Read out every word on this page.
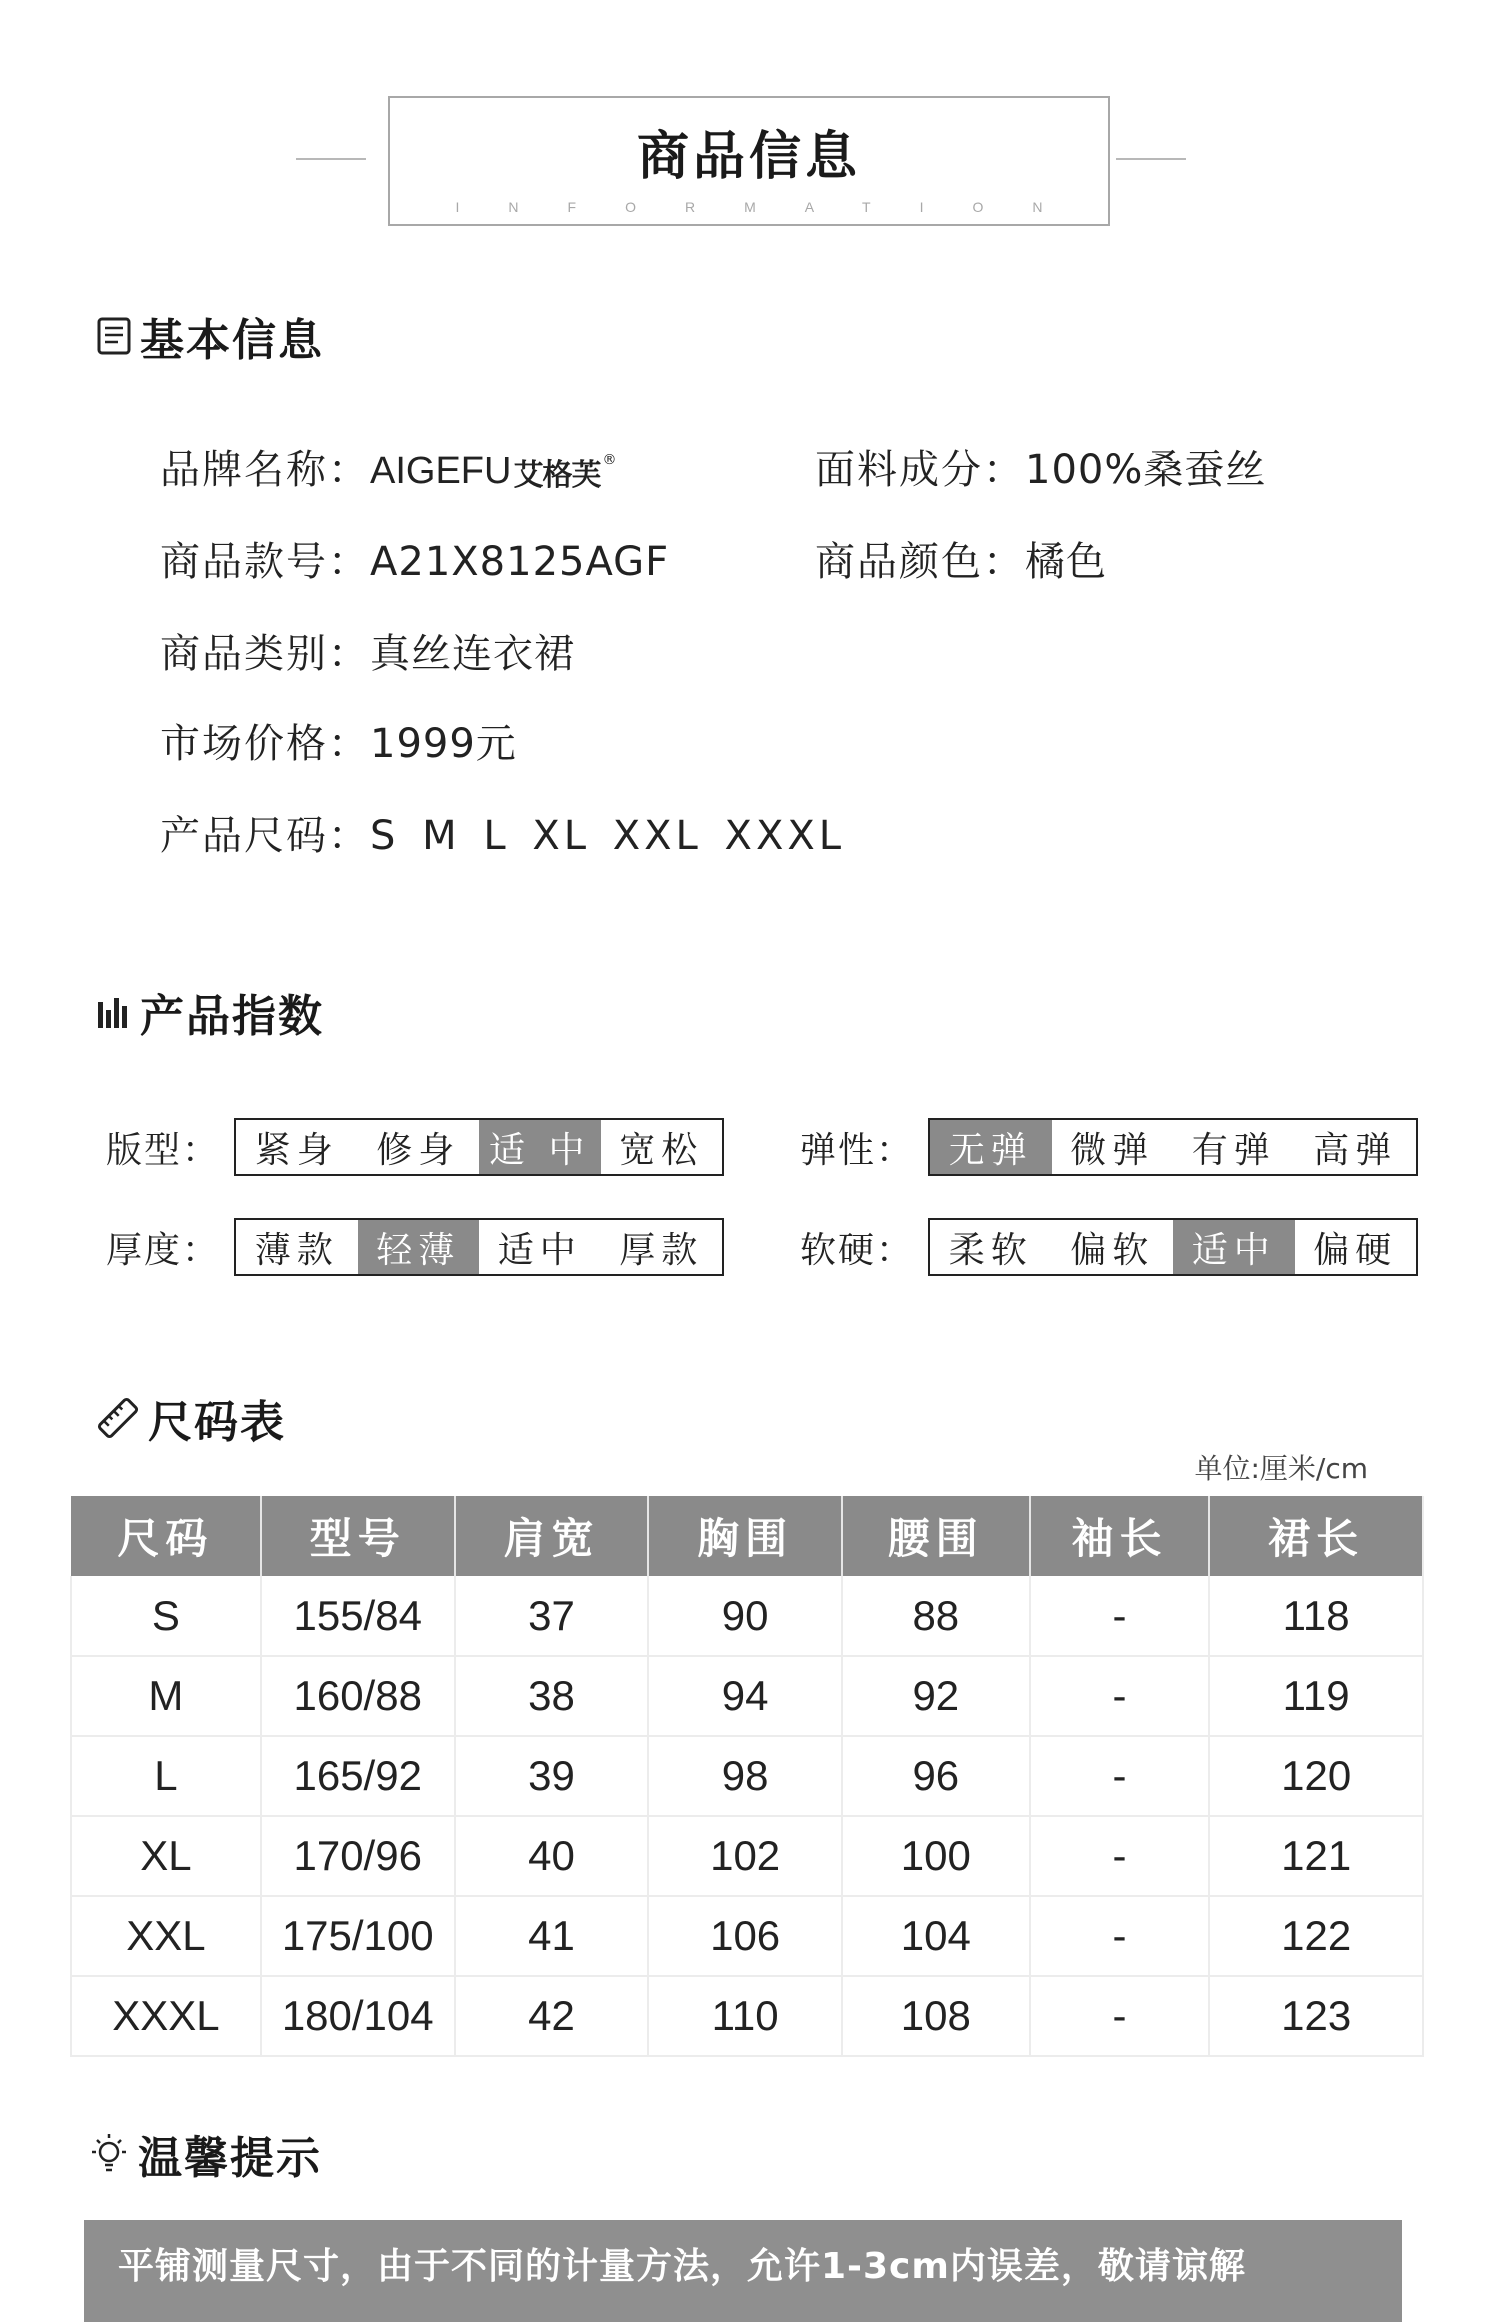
商品信息
INFORMATION
基本信息
品牌名称： AIGEFU 艾格芙 ®	面料成分：100%桑蚕丝
商品款号：A21X8125AGF	商品颜色：橘色
商品类别：真丝连衣裙
市场价格：1999元
产品尺码：S M L XL XXL XXXL
产品指数
版型： 紧身	修身 适 中 宽松	弹性： 无弹	微弹	有弹	高弹
厚度： 薄款	轻薄	适中	厚款	软硬： 柔软	偏软	适中	偏硬
尺码表
单位:厘米/cm
尺码	型号	肩宽	胸围	腰围	袖长	裙长
S	155/84	37	90	88	-	118
M	160/88	38	94	92	-	119
L	165/92	39	98	96	-	120
XL	170/96	40	102	100	-	121
XXL	175/100	41	106	104	-	122
XXXL	180/104	42	110	108	-	123
温馨提示

平铺测量尺寸，由于不同的计量方法，允许1-3cm内误差，敬请谅解
